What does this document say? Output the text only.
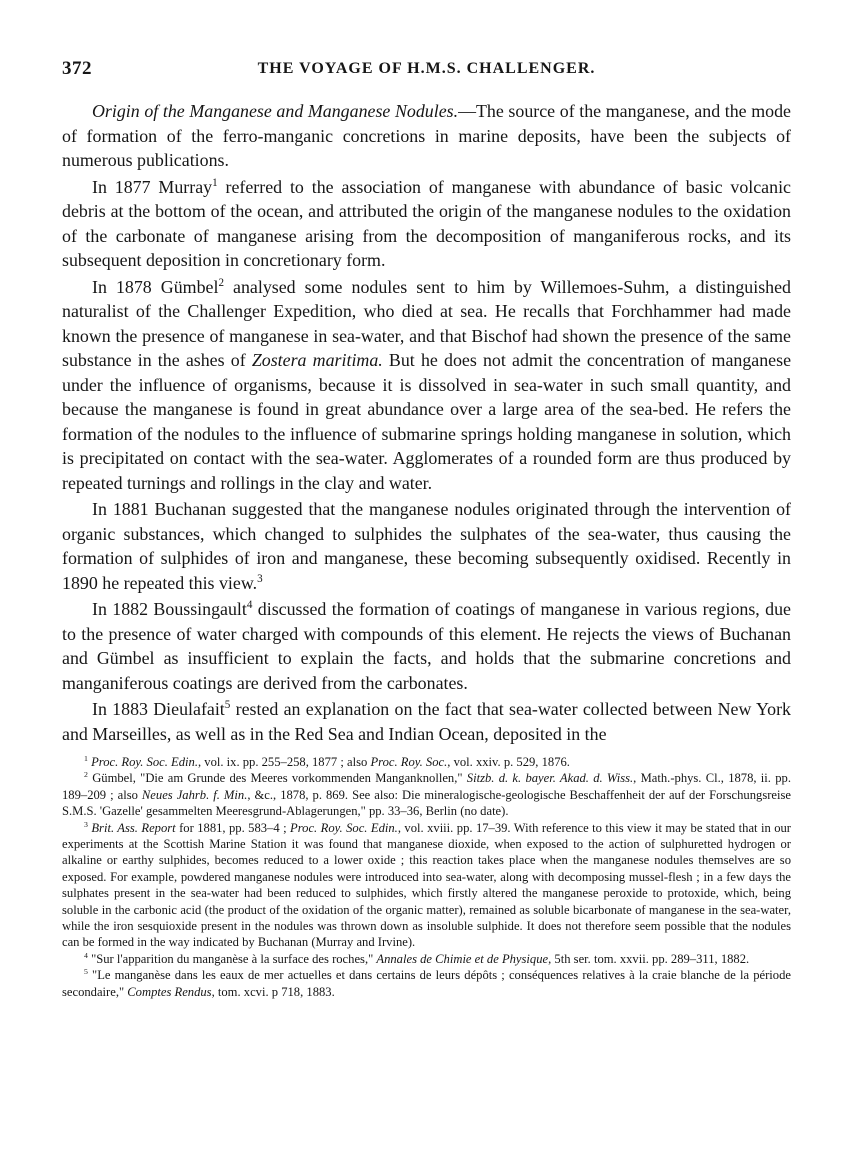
372	THE VOYAGE OF H.M.S. CHALLENGER.

Origin of the Manganese and Manganese Nodules.—The source of the manganese, and the mode of formation of the ferro-manganic concretions in marine deposits, have been the subjects of numerous publications.

In 1877 Murray$^1$ referred to the association of manganese with abundance of basic volcanic debris at the bottom of the ocean, and attributed the origin of the manganese nodules to the oxidation of the carbonate of manganese arising from the decomposition of manganiferous rocks, and its subsequent deposition in concretionary form.

In 1878 Gümbel$^2$ analysed some nodules sent to him by Willemoes-Suhm, a distinguished naturalist of the Challenger Expedition, who died at sea. He recalls that Forchhammer had made known the presence of manganese in sea-water, and that Bischof had shown the presence of the same substance in the ashes of Zostera maritima. But he does not admit the concentration of manganese under the influence of organisms, because it is dissolved in sea-water in such small quantity, and because the manganese is found in great abundance over a large area of the sea-bed. He refers the formation of the nodules to the influence of submarine springs holding manganese in solution, which is precipitated on contact with the sea-water. Agglomerates of a rounded form are thus produced by repeated turnings and rollings in the clay and water.

In 1881 Buchanan suggested that the manganese nodules originated through the intervention of organic substances, which changed to sulphides the sulphates of the sea-water, thus causing the formation of sulphides of iron and manganese, these becoming subsequently oxidised. Recently in 1890 he repeated this view.$^3$

In 1882 Boussingault$^4$ discussed the formation of coatings of manganese in various regions, due to the presence of water charged with compounds of this element. He rejects the views of Buchanan and Gümbel as insufficient to explain the facts, and holds that the submarine concretions and manganiferous coatings are derived from the carbonates.

In 1883 Dieulafait$^5$ rested an explanation on the fact that sea-water collected between New York and Marseilles, as well as in the Red Sea and Indian Ocean, deposited in the

$^1$ Proc. Roy. Soc. Edin., vol. ix. pp. 255–258, 1877 ; also Proc. Roy. Soc., vol. xxiv. p. 529, 1876.

$^2$ Gümbel, "Die am Grunde des Meeres vorkommenden Manganknollen," Sitzb. d. k. bayer. Akad. d. Wiss., Math.-phys. Cl., 1878, ii. pp. 189–209 ; also Neues Jahrb. f. Min., &c., 1878, p. 869. See also: Die mineralogische-geologische Beschaffenheit der auf der Forschungsreise S.M.S. 'Gazelle' gesammelten Meeresgrund-Ablagerungen," pp. 33–36, Berlin (no date).

$^3$ Brit. Ass. Report for 1881, pp. 583–4 ; Proc. Roy. Soc. Edin., vol. xviii. pp. 17–39. With reference to this view it may be stated that in our experiments at the Scottish Marine Station it was found that manganese dioxide, when exposed to the action of sulphuretted hydrogen or alkaline or earthy sulphides, becomes reduced to a lower oxide ; this reaction takes place when the manganese nodules themselves are so exposed. For example, powdered manganese nodules were introduced into sea-water, along with decomposing mussel-flesh ; in a few days the sulphates present in the sea-water had been reduced to sulphides, which firstly altered the manganese peroxide to protoxide, which, being soluble in the carbonic acid (the product of the oxidation of the organic matter), remained as soluble bicarbonate of manganese in the sea-water, while the iron sesquioxide present in the nodules was thrown down as insoluble sulphide. It does not therefore seem possible that the nodules can be formed in the way indicated by Buchanan (Murray and Irvine).

$^4$ "Sur l'apparition du manganèse à la surface des roches," Annales de Chimie et de Physique, 5th ser. tom. xxvii. pp. 289–311, 1882.

$^5$ "Le manganèse dans les eaux de mer actuelles et dans certains de leurs dépôts ; conséquences relatives à la craie blanche de la période secondaire," Comptes Rendus, tom. xcvi. p 718, 1883.
